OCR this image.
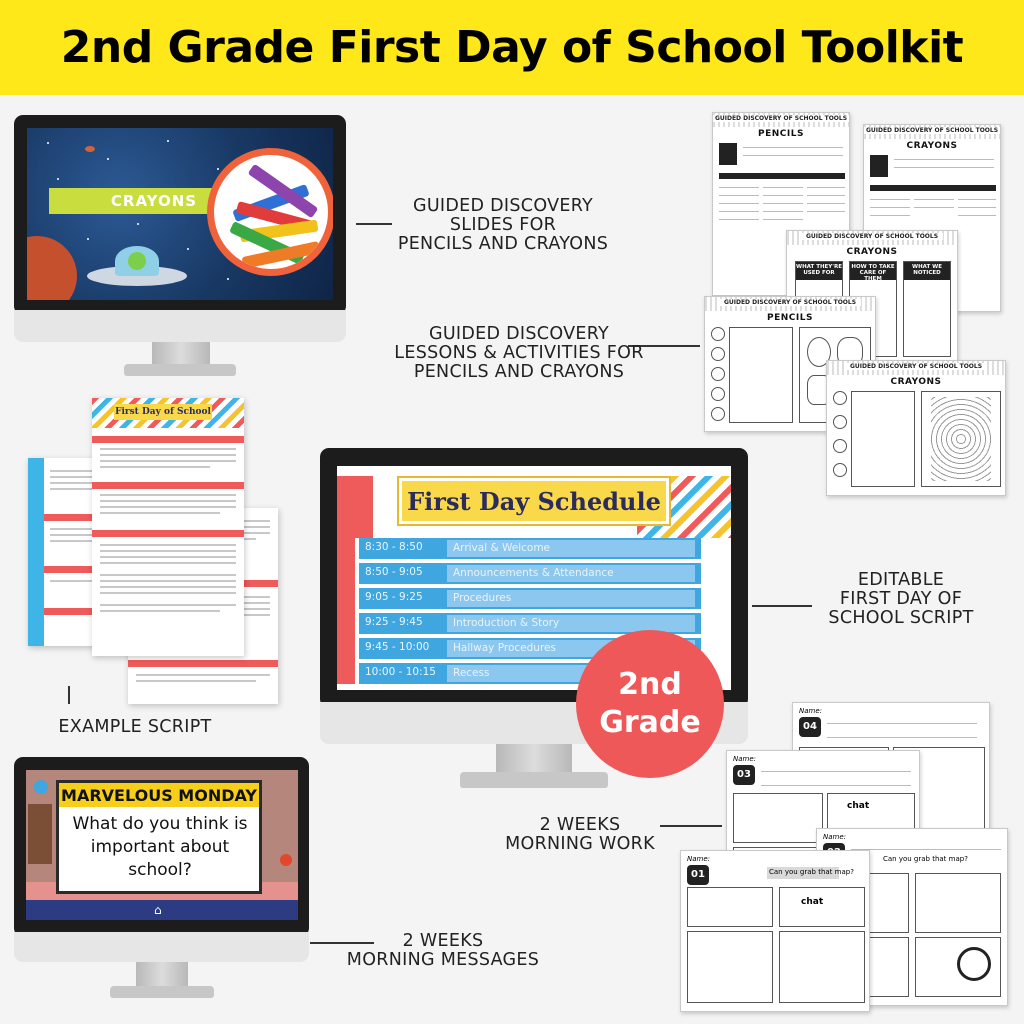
2nd Grade First Day of School Toolkit
CRAYONS	GUIDED DISCOVERY
SLIDES FOR
PENCILS AND CRAYONS
GUIDED DISCOVERY OF SCHOOL TOOLS
PENCILS	GUIDED DISCOVERY OF SCHOOL TOOLS
CRAYONS
GUIDED DISCOVERY OF SCHOOL TOOLS
CRAYONS
WHAT THEY'RE USED FOR
HOW TO TAKE CARE OF THEM
WHAT WE NOTICED
GUIDED DISCOVERY OF SCHOOL TOOLS
PENCILS
GUIDED DISCOVERY OF SCHOOL TOOLS
CRAYONS
GUIDED DISCOVERY
LESSONS & ACTIVITIES FOR
PENCILS AND CRAYONS
First Day of School
EXAMPLE SCRIPT
First Day Schedule
8:30 - 8:50	Arrival & Welcome
8:50 - 9:05	Announcements & Attendance
9:05 - 9:25	Procedures
9:25 - 9:45	Introduction & Story
9:45 - 10:00 Hallway Procedures
10:00 - 10:15 Recess	2nd
Grade
EDITABLE
FIRST DAY OF
SCHOOL SCRIPT
Name:
04
Name:
03
chat
Name:
Can you grab that map?
Name:
01	Can you grab that map?
chat
2 WEEKS
MORNING WORK
MARVELOUS MONDAY
What do you think is important about school?
⌂
2 WEEKS
MORNING MESSAGES
